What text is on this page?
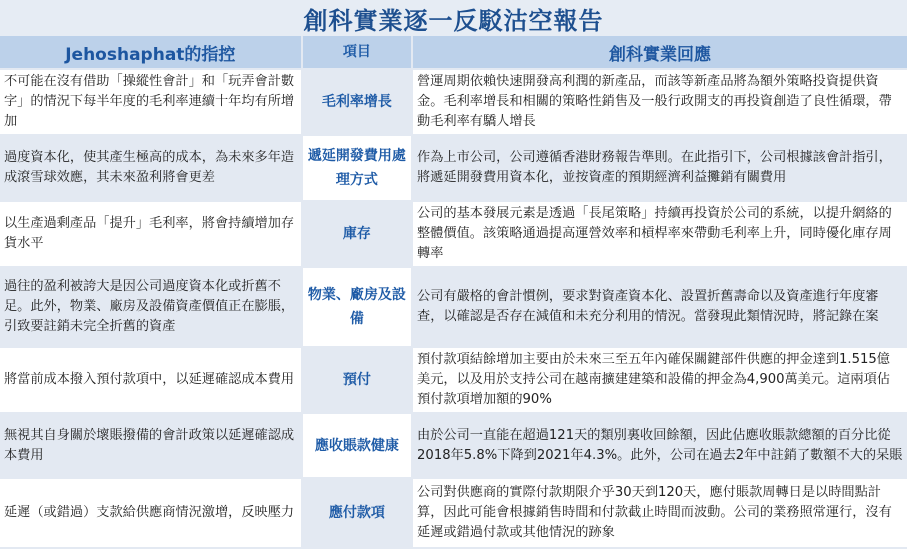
創科實業逐一反駁沽空報告
Jehoshaphat的指控	項目	創科實業回應
不可能在沒有借助「操縱性會計」和「玩弄會計數字」的情況下每半年度的毛利率連續十年均有所增加	毛利率增長	營運周期依賴快速開發高利潤的新產品，而該等新產品將為額外策略投資提供資金。毛利率增長和相關的策略性銷售及一般行政開支的再投資創造了良性循環，帶動毛利率有驕人增長
過度資本化，使其產生極高的成本，為未來多年造成滾雪球效應，其未來盈利將會更差	遞延開發費用處理方式	作為上市公司，公司遵循香港財務報告準則。在此指引下，公司根據該會計指引，將遞延開發費用資本化，並按資產的預期經濟利益攤銷有關費用
以生產過剩產品「提升」毛利率，將會持續增加存貨水平	庫存	公司的基本發展元素是透過「長尾策略」持續再投資於公司的系統，以提升網絡的整體價值。該策略通過提高運營效率和槓桿率來帶動毛利率上升，同時優化庫存周轉率
過往的盈利被誇大是因公司過度資本化或折舊不足。此外，物業、廠房及設備資產價值正在膨脹，引致要註銷未完全折舊的資產	物業、廠房及設備	公司有嚴格的會計慣例，要求對資產資本化、設置折舊壽命以及資產進行年度審查，以確認是否存在減值和未充分利用的情況。當發現此類情況時，將記錄在案
將當前成本撥入預付款項中，以延遲確認成本費用	預付	預付款項結餘增加主要由於未來三至五年內確保關鍵部件供應的押金達到1.515億美元，以及用於支持公司在越南擴建建築和設備的押金為4,900萬美元。這兩項佔預付款項增加額的90%
無視其自身關於壞賬撥備的會計政策以延遲確認成本費用	應收賬款健康	由於公司一直能在超過121天的類別裏收回餘額，因此佔應收賬款總額的百分比從2018年5.8%下降到2021年4.3%。此外，公司在過去2年中註銷了數額不大的呆賬
延遲（或錯過）支款給供應商情況激增，反映壓力	應付款項	公司對供應商的實際付款期限介乎30天到120天，應付賬款周轉日是以時間點計算，因此可能會根據銷售時間和付款截止時間而波動。公司的業務照常運行，沒有延遲或錯過付款或其他情況的跡象
